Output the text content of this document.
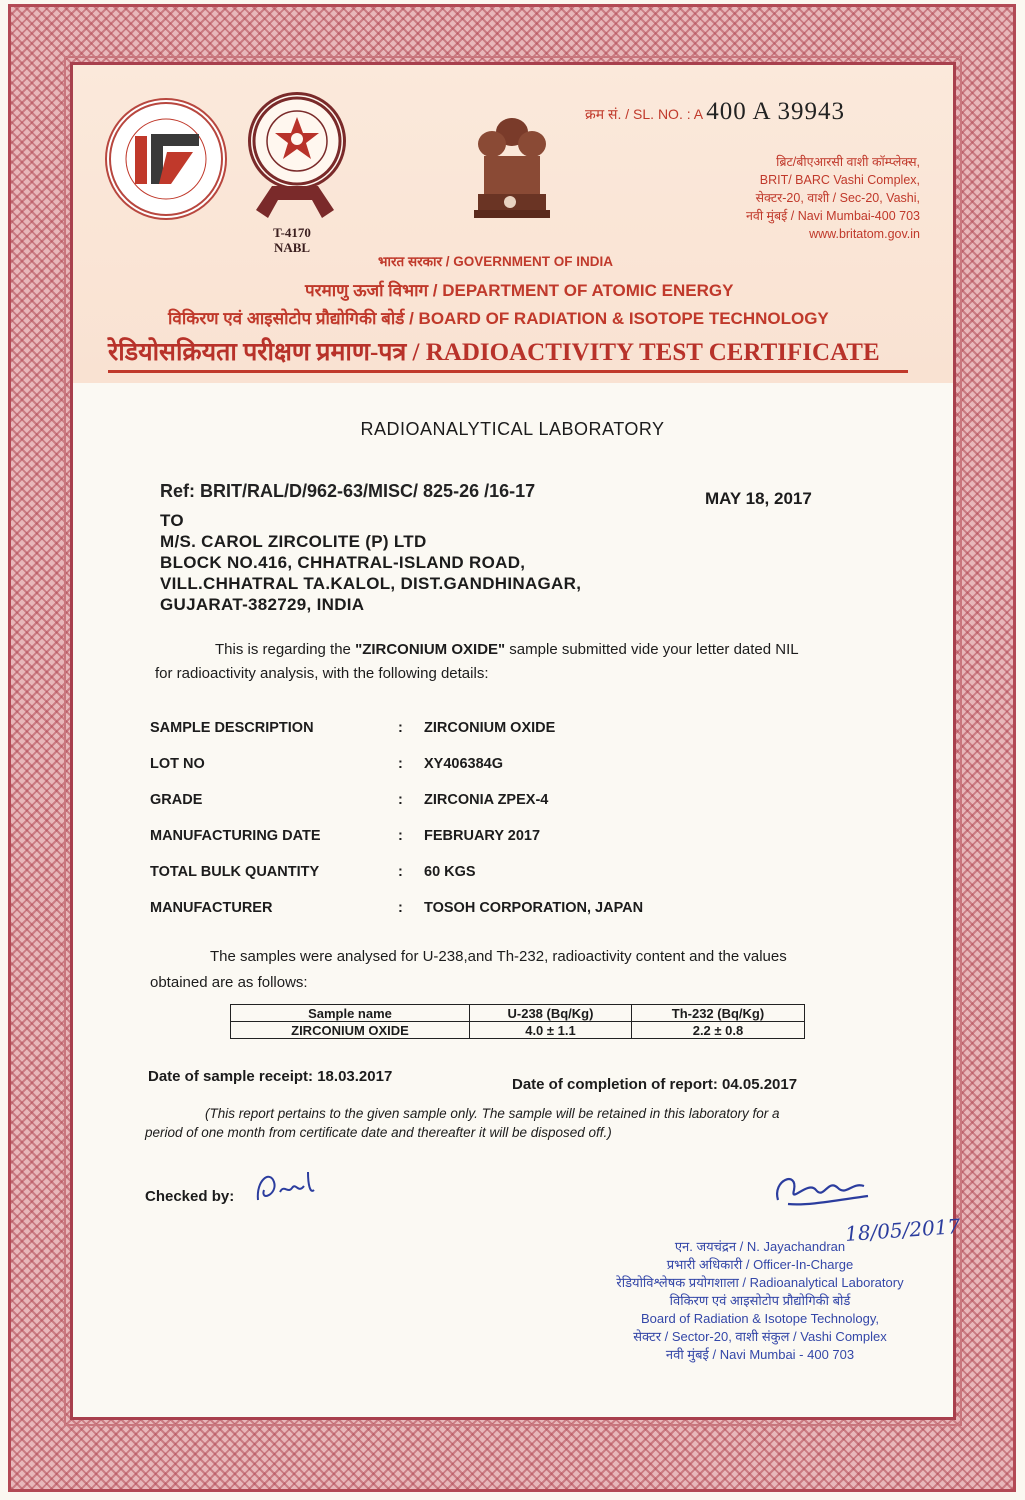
T-4170
NABL
क्रम सं. / SL. NO. : A 400 A 39943
ब्रिट/बीएआरसी वाशी कॉम्प्लेक्स,
BRIT/ BARC Vashi Complex,
सेक्टर-20, वाशी / Sec-20, Vashi,
नवी मुंबई / Navi Mumbai-400 703
www.britatom.gov.in
भारत सरकार / GOVERNMENT OF INDIA
परमाणु ऊर्जा विभाग / DEPARTMENT OF ATOMIC ENERGY
विकिरण एवं आइसोटोप प्रौद्योगिकी बोर्ड / BOARD OF RADIATION & ISOTOPE TECHNOLOGY
रेडियोसक्रियता परीक्षण प्रमाण-पत्र / RADIOACTIVITY TEST CERTIFICATE
RADIOANALYTICAL LABORATORY
Ref: BRIT/RAL/D/962-63/MISC/ 825-26 /16-17	MAY 18, 2017
TO
M/S. CAROL ZIRCOLITE (P) LTD
BLOCK NO.416, CHHATRAL-ISLAND ROAD,
VILL.CHHATRAL TA.KALOL, DIST.GANDHINAGAR,
GUJARAT-382729, INDIA
This is regarding the "ZIRCONIUM OXIDE" sample submitted vide your letter dated NIL
for radioactivity analysis, with the following details:
SAMPLE DESCRIPTION	:	ZIRCONIUM OXIDE
LOT NO	:	XY406384G
GRADE	:	ZIRCONIA ZPEX-4
MANUFACTURING DATE	:	FEBRUARY 2017
TOTAL BULK QUANTITY	:	60 KGS
MANUFACTURER	:	TOSOH CORPORATION, JAPAN
The samples were analysed for U-238,and Th-232, radioactivity content and the values
obtained are as follows:
Sample name	U-238 (Bq/Kg)	Th-232 (Bq/Kg)
ZIRCONIUM OXIDE	4.0 ± 1.1	2.2 ± 0.8
Date of sample receipt: 18.03.2017	Date of completion of report: 04.05.2017
(This report pertains to the given sample only. The sample will be retained in this laboratory for a
period of one month from certificate date and thereafter it will be disposed off.)
Checked by:
18/05/2017
एन. जयचंद्रन / N. Jayachandran
प्रभारी अधिकारी / Officer-In-Charge
रेडियोविश्लेषक प्रयोगशाला / Radioanalytical Laboratory
विकिरण एवं आइसोटोप प्रौद्योगिकी बोर्ड
Board of Radiation & Isotope Technology,
सेक्टर / Sector-20, वाशी संकुल / Vashi Complex
नवी मुंबई / Navi Mumbai - 400 703
